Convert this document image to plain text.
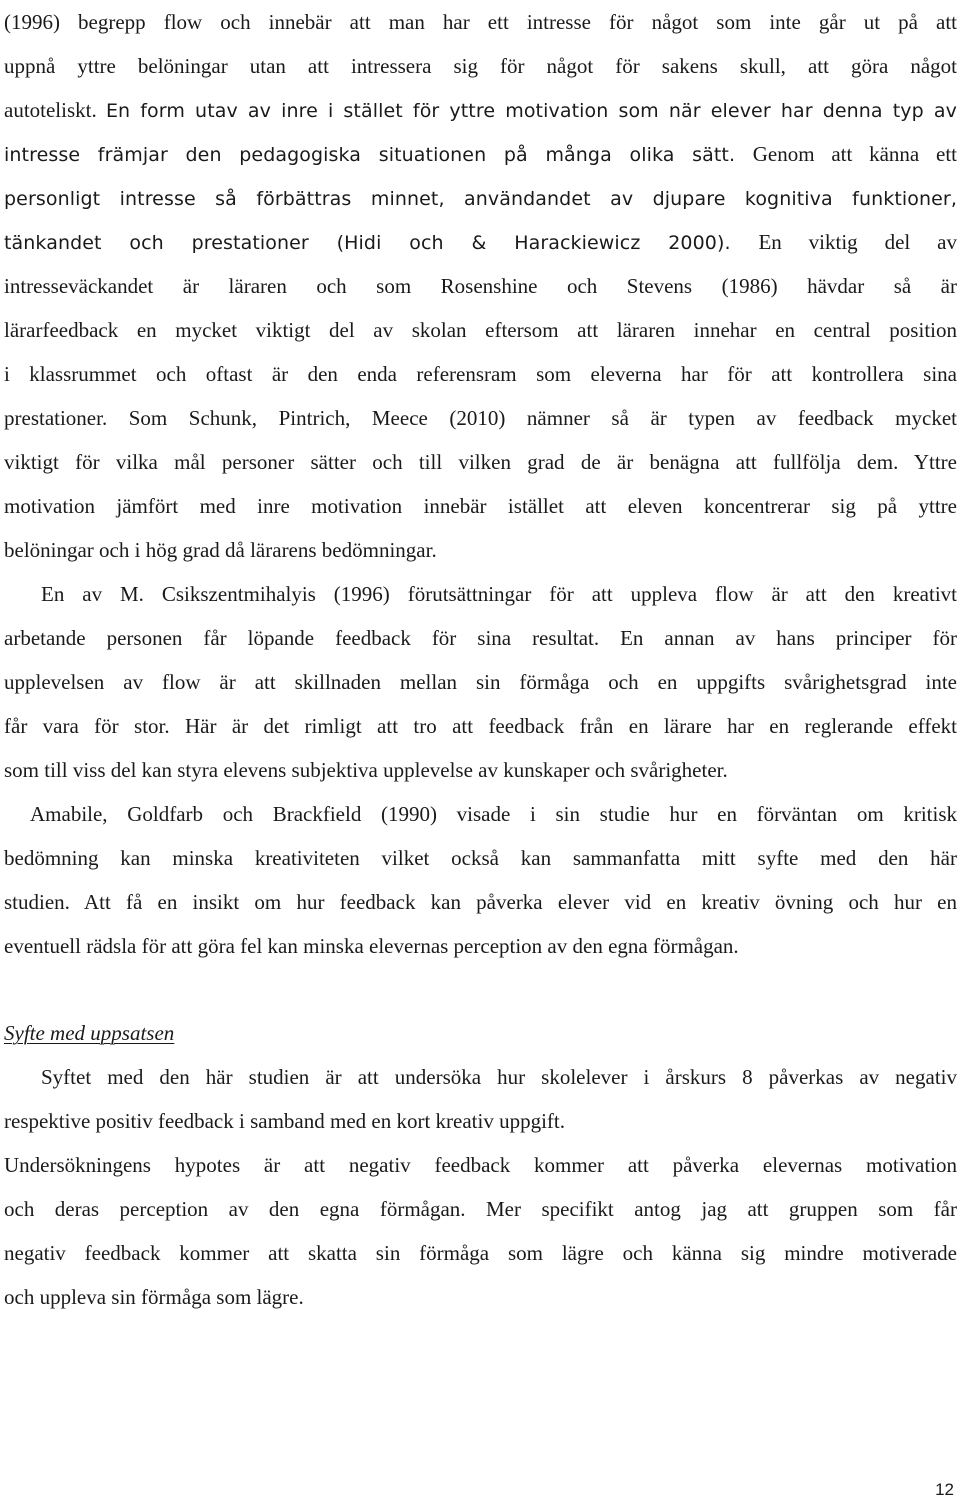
(1996) begrepp flow och innebär att man har ett intresse för något som inte går ut på att
uppnå yttre belöningar utan att intressera sig för något för sakens skull, att göra något
autoteliskt. En form utav av inre i stället för yttre motivation som när elever har denna typ av
intresse främjar den pedagogiska situationen på många olika sätt. Genom att känna ett
personligt intresse så förbättras minnet, användandet av djupare kognitiva funktioner,
tänkandet och prestationer (Hidi och & Harackiewicz 2000). En viktig del av
intresseväckandet är läraren och som Rosenshine och Stevens (1986) hävdar så är
lärarfeedback en mycket viktigt del av skolan eftersom att läraren innehar en central position
i klassrummet och oftast är den enda referensram som eleverna har för att kontrollera sina
prestationer. Som Schunk, Pintrich, Meece (2010) nämner så är typen av feedback mycket
viktigt för vilka mål personer sätter och till vilken grad de är benägna att fullfölja dem. Yttre
motivation jämfört med inre motivation innebär istället att eleven koncentrerar sig på yttre
belöningar och i hög grad då lärarens bedömningar.
En av M. Csikszentmihalyis (1996) förutsättningar för att uppleva flow är att den kreativt
arbetande personen får löpande feedback för sina resultat. En annan av hans principer för
upplevelsen av flow är att skillnaden mellan sin förmåga och en uppgifts svårighetsgrad inte
får vara för stor. Här är det rimligt att tro att feedback från en lärare har en reglerande effekt
som till viss del kan styra elevens subjektiva upplevelse av kunskaper och svårigheter.
Amabile, Goldfarb och Brackfield (1990) visade i sin studie hur en förväntan om kritisk
bedömning kan minska kreativiteten vilket också kan sammanfatta mitt syfte med den här
studien. Att få en insikt om hur feedback kan påverka elever vid en kreativ övning och hur en
eventuell rädsla för att göra fel kan minska elevernas perception av den egna förmågan.
Syfte med uppsatsen
Syftet med den här studien är att undersöka hur skolelever i årskurs 8 påverkas av negativ
respektive positiv feedback i samband med en kort kreativ uppgift.
Undersökningens hypotes är att negativ feedback kommer att påverka elevernas motivation
och deras perception av den egna förmågan. Mer specifikt antog jag att gruppen som får
negativ feedback kommer att skatta sin förmåga som lägre och känna sig mindre motiverade
och uppleva sin förmåga som lägre.
12
